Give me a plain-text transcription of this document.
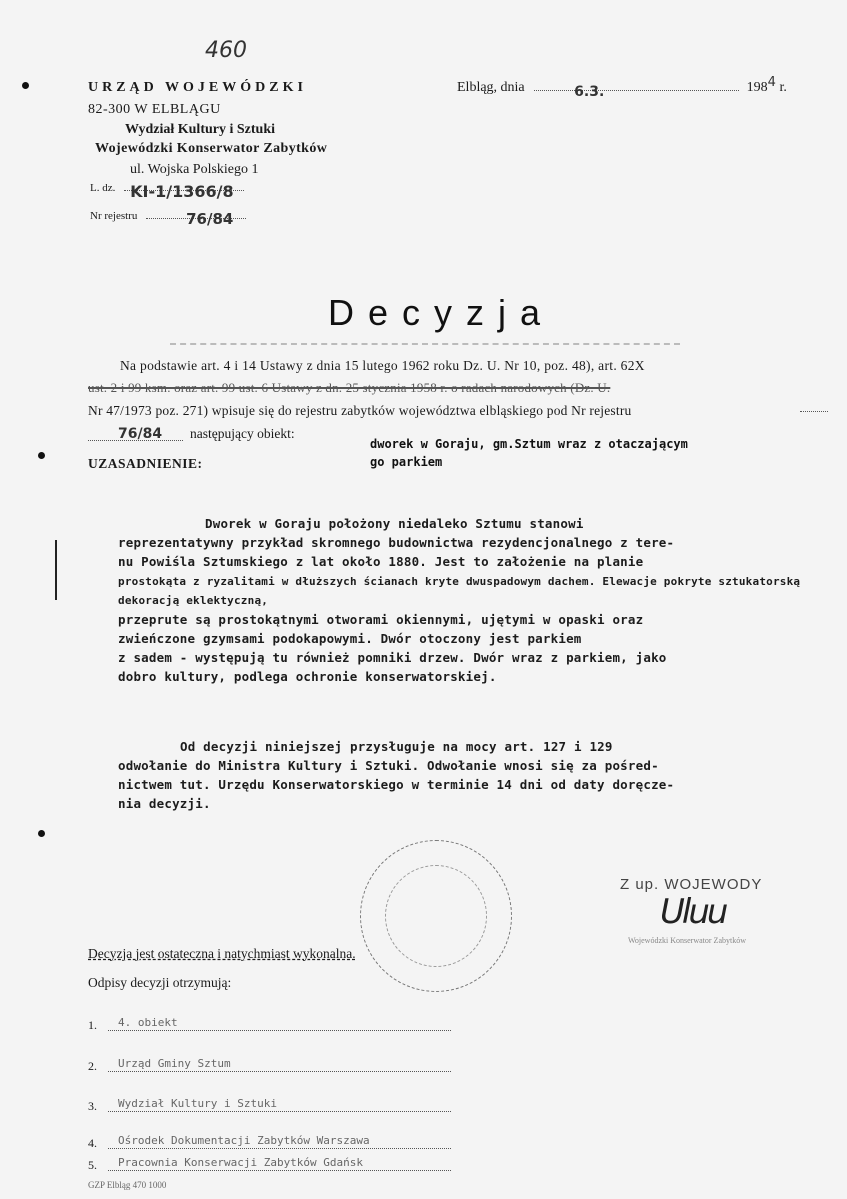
460
URZĄD WOJEWÓDZKI
82-300 W ELBLĄGU
Wydział Kultury i Sztuki
Wojewódzki Konserwator Zabytków
ul. Wojska Polskiego 1
L. dz. KI-1/1366/8
Nr rejestru	76/84
Elbląg, dnia	6.3.	1984 r.
Decyzja
Na podstawie art. 4 i 14 Ustawy z dnia 15 lutego 1962 roku Dz. U. Nr 10, poz. 48), art. 62X
ust. 2 i 99 ksm. oraz art. 99 ust. 6 Ustawy z dn. 25 stycznia 1958 r. o radach narodowych (Dz. U.
Nr 47/1973 poz. 271) wpisuje się do rejestru zabytków województwa elbląskiego pod Nr rejestru
76/84 następujący obiekt:
dworek w Goraju, gm.Sztum wraz z otaczającym
go parkiem
UZASADNIENIE:
Dworek w Goraju położony niedaleko Sztumu stanowi
reprezentatywny przykład skromnego budownictwa rezydencjonalnego z tere-
nu Powiśla Sztumskiego z lat około 1880. Jest to założenie na planie
prostokąta z ryzalitami w dłuższych ścianach kryte dwuspadowym dachem. Elewacje pokryte sztukatorską dekoracją eklektyczną,
przeprute są prostokątnymi otworami okiennymi, ujętymi w opaski oraz
zwieńczone gzymsami podokapowymi. Dwór otoczony jest parkiem
z sadem - występują tu również pomniki drzew. Dwór wraz z parkiem, jako
dobro kultury, podlega ochronie konserwatorskiej.
Od decyzji niniejszej przysługuje na mocy art. 127 i 129
odwołanie do Ministra Kultury i Sztuki. Odwołanie wnosi się za pośred-
nictwem tut. Urzędu Konserwatorskiego w terminie 14 dni od daty doręcze-
nia decyzji.
Z up. WOJEWODY
Uluu
Wojewódzki Konserwator Zabytków
Decyzja jest ostateczna i natychmiast wykonalna.
Odpisy decyzji otrzymują:
1. 4. obiekt
2. Urząd Gminy Sztum
3. Wydział Kultury i Sztuki
4. Ośrodek Dokumentacji Zabytków Warszawa
5. Pracownia Konserwacji Zabytków Gdańsk
GZP Elbląg 470 1000
